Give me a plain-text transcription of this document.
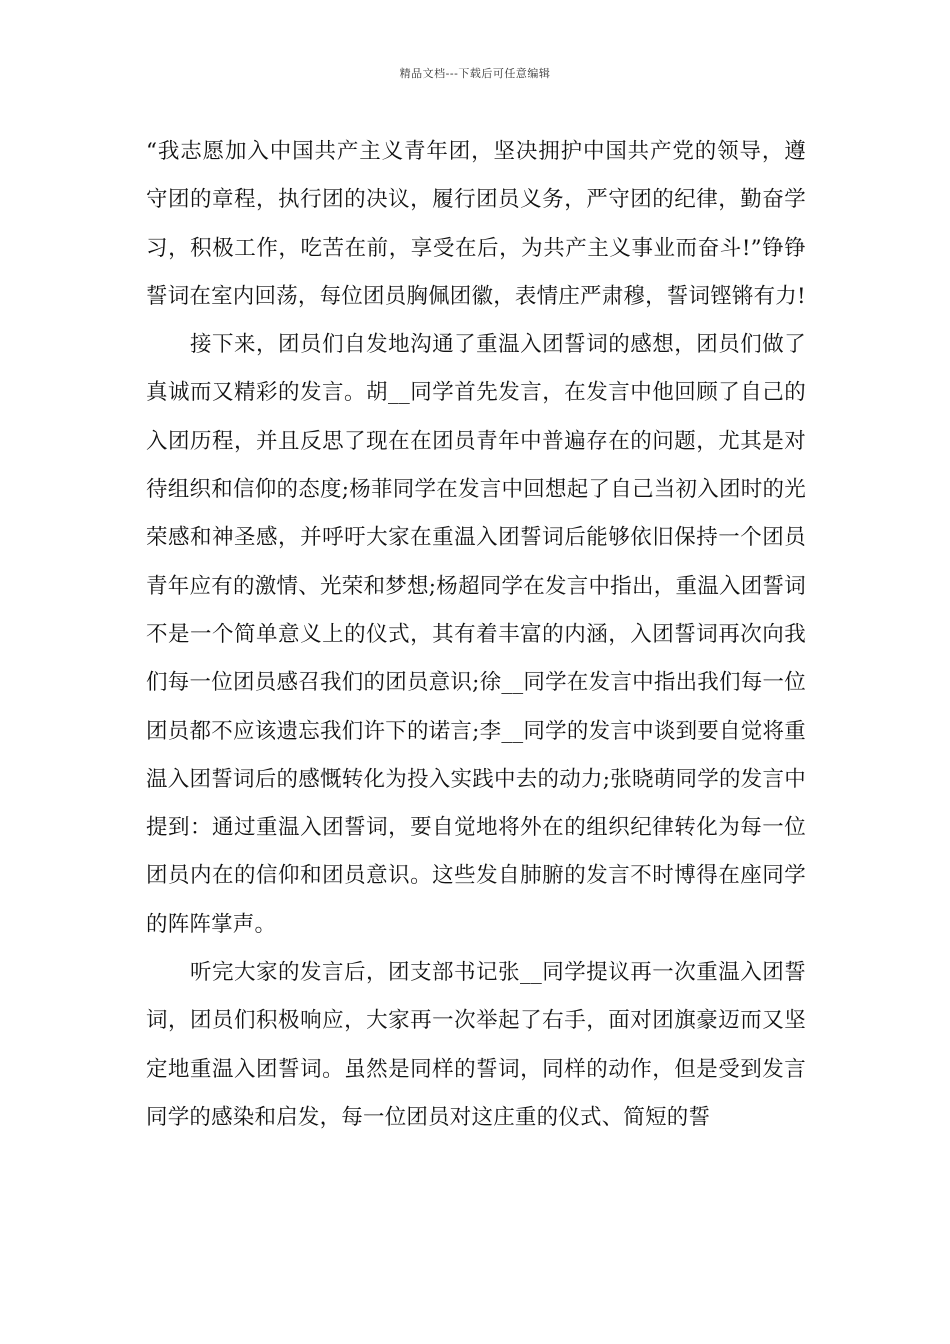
精品文档---下载后可任意编辑

“我志愿加入中国共产主义青年团，坚决拥护中国共产党的领导，遵守团的章程，执行团的决议，履行团员义务，严守团的纪律，勤奋学习，积极工作，吃苦在前，享受在后，为共产主义事业而奋斗!”铮铮誓词在室内回荡，每位团员胸佩团徽，表情庄严肃穆，誓词铿锵有力!

接下来，团员们自发地沟通了重温入团誓词的感想，团员们做了真诚而又精彩的发言。胡__同学首先发言，在发言中他回顾了自己的入团历程，并且反思了现在在团员青年中普遍存在的问题，尤其是对待组织和信仰的态度;杨菲同学在发言中回想起了自己当初入团时的光荣感和神圣感，并呼吁大家在重温入团誓词后能够依旧保持一个团员青年应有的激情、光荣和梦想;杨超同学在发言中指出，重温入团誓词不是一个简单意义上的仪式，其有着丰富的内涵，入团誓词再次向我们每一位团员感召我们的团员意识;徐__同学在发言中指出我们每一位团员都不应该遗忘我们许下的诺言;李__同学的发言中谈到要自觉将重温入团誓词后的感慨转化为投入实践中去的动力;张晓萌同学的发言中提到：通过重温入团誓词，要自觉地将外在的组织纪律转化为每一位团员内在的信仰和团员意识。这些发自肺腑的发言不时博得在座同学的阵阵掌声。

听完大家的发言后，团支部书记张__同学提议再一次重温入团誓词，团员们积极响应，大家再一次举起了右手，面对团旗豪迈而又坚定地重温入团誓词。虽然是同样的誓词，同样的动作，但是受到发言同学的感染和启发，每一位团员对这庄重的仪式、简短的誓
